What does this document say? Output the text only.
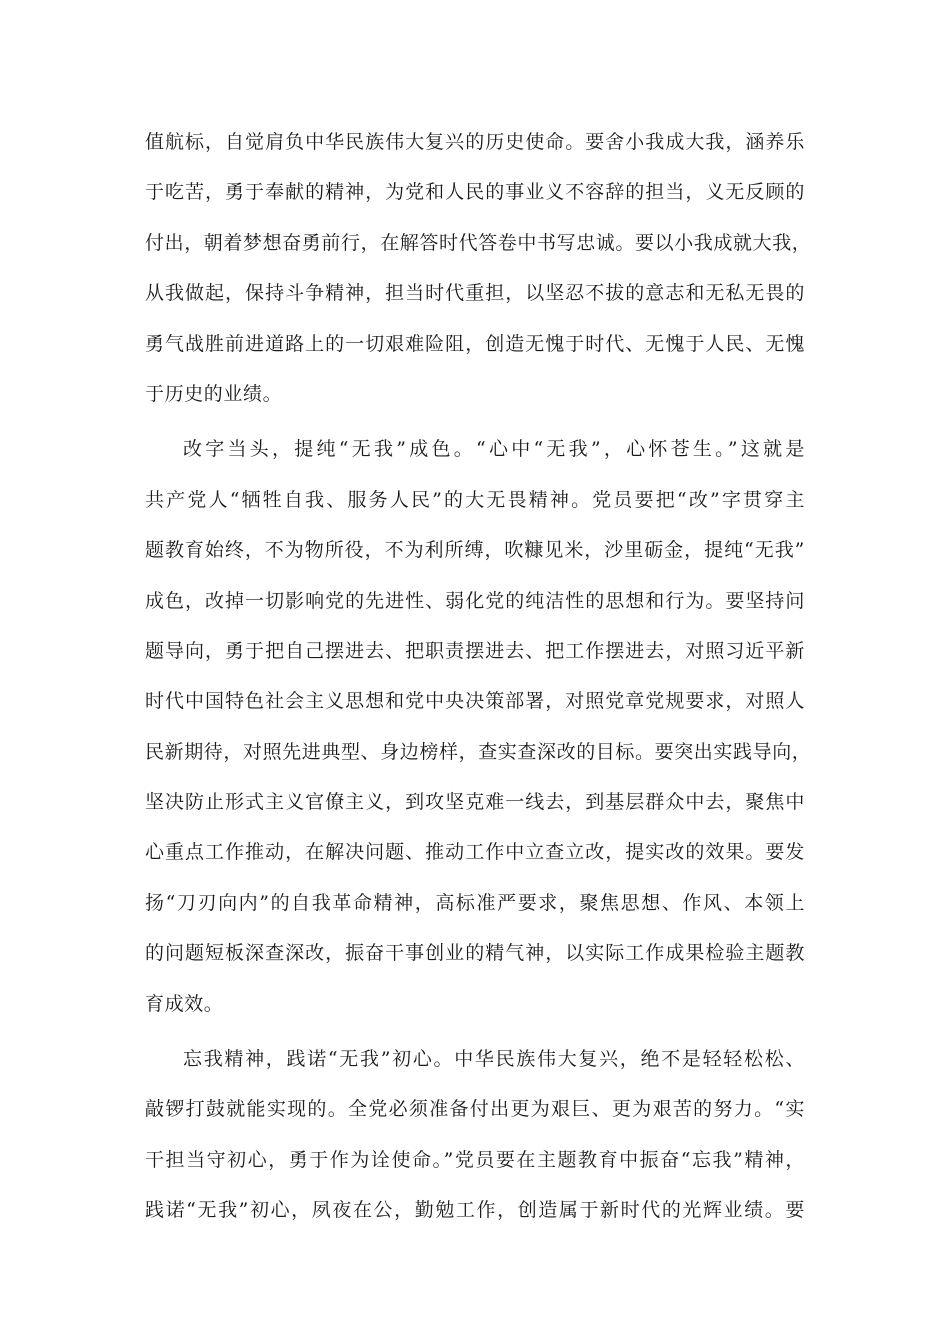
值航标，自觉肩负中华民族伟大复兴的历史使命。要舍小我成大我，涵养乐
于吃苦，勇于奉献的精神，为党和人民的事业义不容辞的担当，义无反顾的
付出，朝着梦想奋勇前行，在解答时代答卷中书写忠诚。要以小我成就大我，
从我做起，保持斗争精神，担当时代重担，以坚忍不拔的意志和无私无畏的
勇气战胜前进道路上的一切艰难险阻，创造无愧于时代、无愧于人民、无愧
于历史的业绩。
改字当头，提纯“无我”成色。“心中“无我”，心怀苍生。”这就是
共产党人“牺牲自我、服务人民”的大无畏精神。党员要把“改”字贯穿主
题教育始终，不为物所役，不为利所缚，吹糠见米，沙里砺金，提纯“无我”
成色，改掉一切影响党的先进性、弱化党的纯洁性的思想和行为。要坚持问
题导向，勇于把自己摆进去、把职责摆进去、把工作摆进去，对照习近平新
时代中国特色社会主义思想和党中央决策部署，对照党章党规要求，对照人
民新期待，对照先进典型、身边榜样，查实查深改的目标。要突出实践导向，
坚决防止形式主义官僚主义，到攻坚克难一线去，到基层群众中去，聚焦中
心重点工作推动，在解决问题、推动工作中立查立改，提实改的效果。要发
扬“刀刃向内”的自我革命精神，高标准严要求，聚焦思想、作风、本领上
的问题短板深查深改，振奋干事创业的精气神，以实际工作成果检验主题教
育成效。
忘我精神，践诺“无我”初心。中华民族伟大复兴，绝不是轻轻松松、
敲锣打鼓就能实现的。全党必须准备付出更为艰巨、更为艰苦的努力。“实
干担当守初心，勇于作为诠使命。”党员要在主题教育中振奋“忘我”精神，
践诺“无我”初心，夙夜在公，勤勉工作，创造属于新时代的光辉业绩。要
